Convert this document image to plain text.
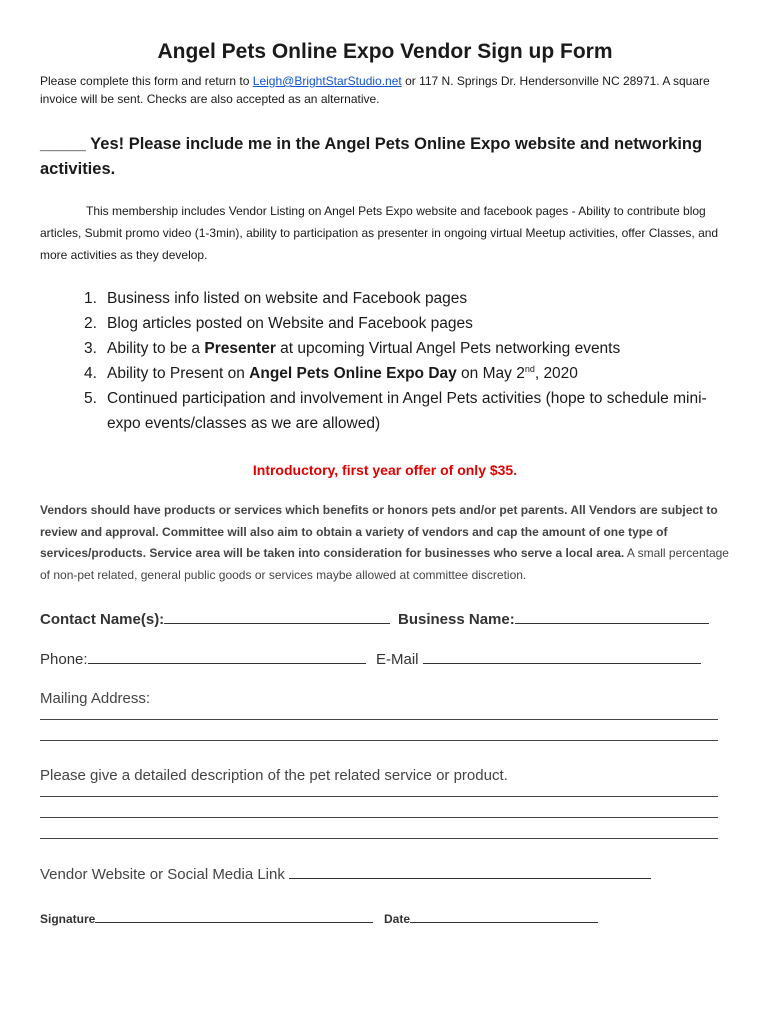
Angel Pets Online Expo Vendor Sign up Form

Please complete this form and return to Leigh@BrightStarStudio.net or 117 N. Springs Dr. Hendersonville NC 28971. A square invoice will be sent. Checks are also accepted as an alternative.

_____ Yes! Please include me in the Angel Pets Online Expo website and networking activities.

This membership includes Vendor Listing on Angel Pets Expo website and facebook pages - Ability to contribute blog articles, Submit promo video (1-3min), ability to participation as presenter in ongoing virtual Meetup activities, offer Classes, and more activities as they develop.

1. Business info listed on website and Facebook pages
2. Blog articles posted on Website and Facebook pages
3. Ability to be a Presenter at upcoming Virtual Angel Pets networking events
4. Ability to Present on Angel Pets Online Expo Day on May 2nd, 2020
5. Continued participation and involvement in Angel Pets activities (hope to schedule mini-expo events/classes as we are allowed)

Introductory, first year offer of only $35.

Vendors should have products or services which benefits or honors pets and/or pet parents. All Vendors are subject to review and approval. Committee will also aim to obtain a variety of vendors and cap the amount of one type of services/products. Service area will be taken into consideration for businesses who serve a local area. A small percentage of non-pet related, general public goods or services maybe allowed at committee discretion.

Contact Name(s):	Business Name:
Phone:	E-Mail

Mailing Address:

Please give a detailed description of the pet related service or product.

Vendor Website or Social Media Link
Signature	Date
